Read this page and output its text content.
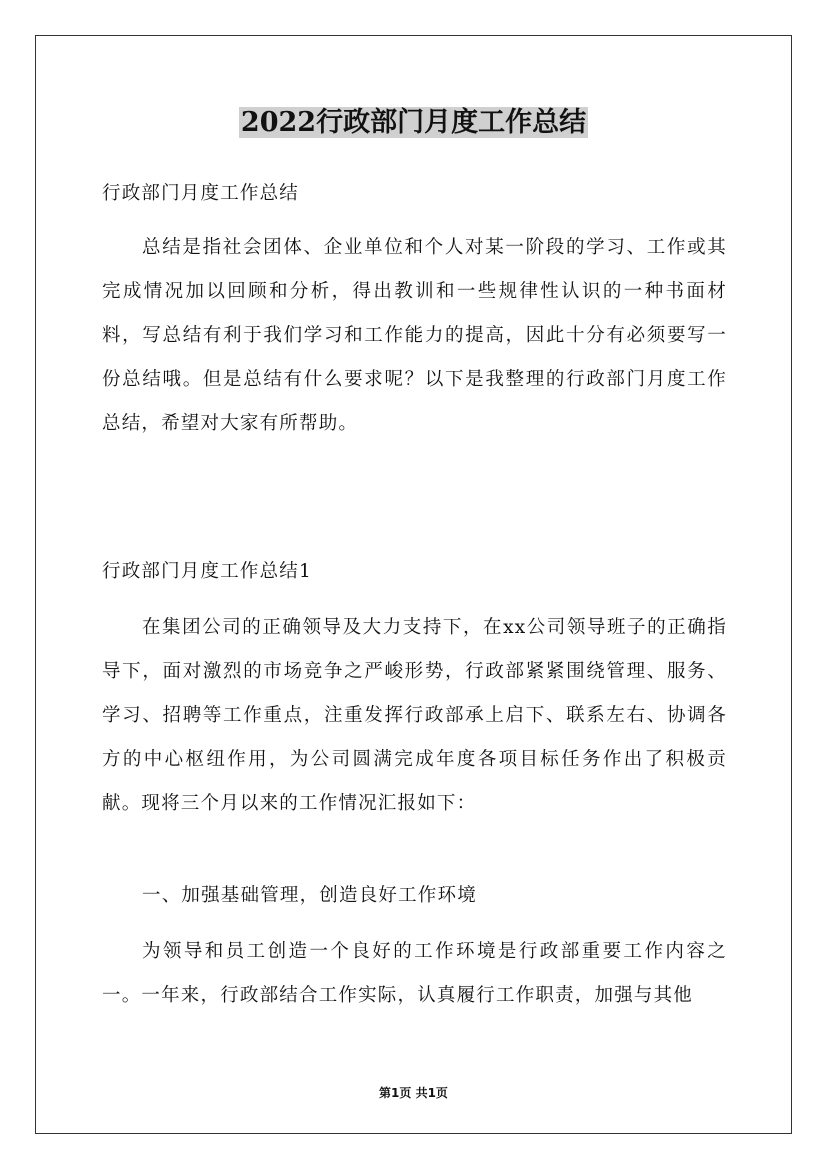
2022行政部门月度工作总结

行政部门月度工作总结

总结是指社会团体、企业单位和个人对某一阶段的学习、工作或其完成情况加以回顾和分析，得出教训和一些规律性认识的一种书面材料，写总结有利于我们学习和工作能力的提高，因此十分有必须要写一份总结哦。但是总结有什么要求呢？以下是我整理的行政部门月度工作总结，希望对大家有所帮助。

行政部门月度工作总结1

在集团公司的正确领导及大力支持下，在xx公司领导班子的正确指导下，面对激烈的市场竞争之严峻形势，行政部紧紧围绕管理、服务、学习、招聘等工作重点，注重发挥行政部承上启下、联系左右、协调各方的中心枢纽作用，为公司圆满完成年度各项目标任务作出了积极贡献。现将三个月以来的工作情况汇报如下：

一、加强基础管理，创造良好工作环境

为领导和员工创造一个良好的工作环境是行政部重要工作内容之一。一年来，行政部结合工作实际，认真履行工作职责，加强与其他

第1页 共1页
